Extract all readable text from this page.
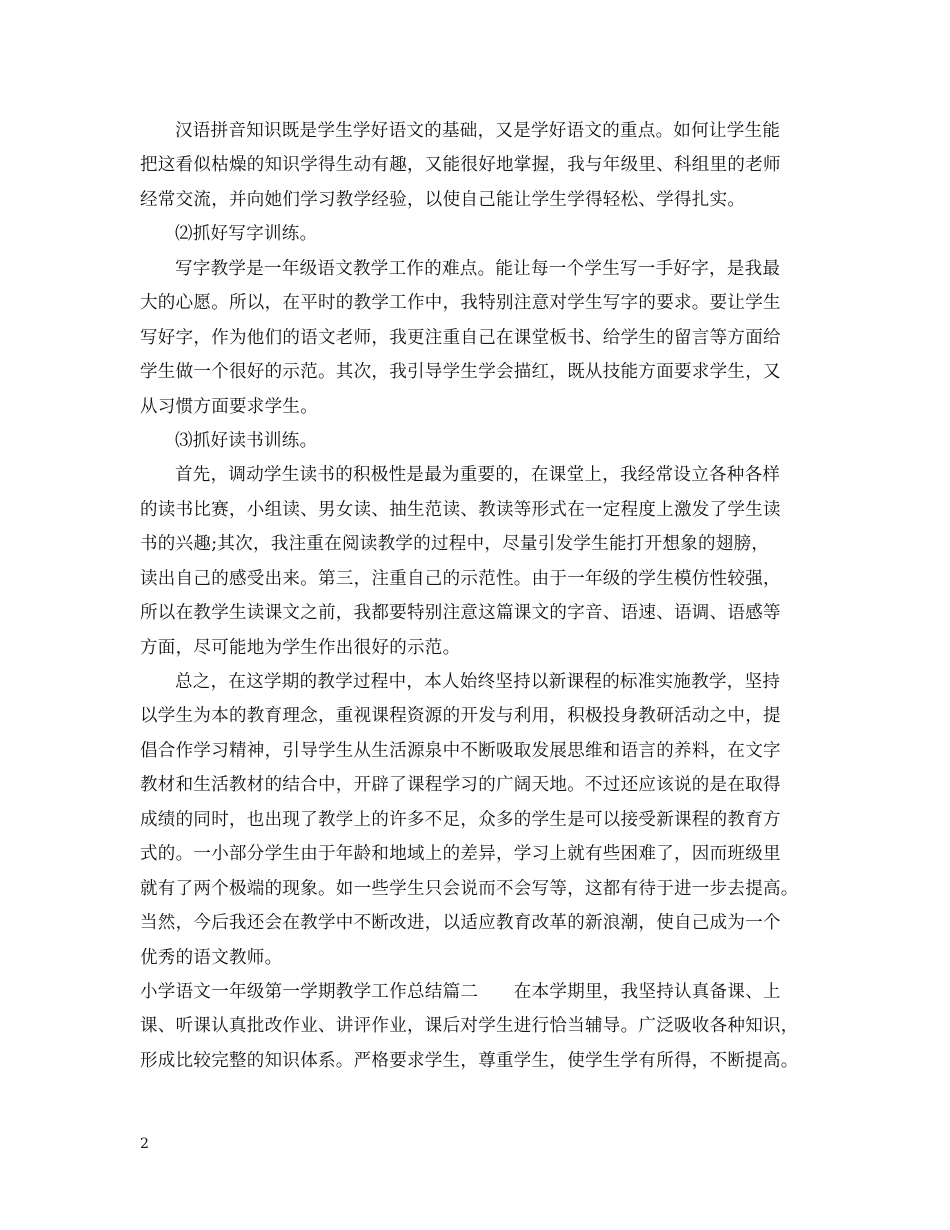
汉语拼音知识既是学生学好语文的基础，又是学好语文的重点。如何让学生能
把这看似枯燥的知识学得生动有趣，又能很好地掌握，我与年级里、科组里的老师
经常交流，并向她们学习教学经验，以使自己能让学生学得轻松、学得扎实。
⑵抓好写字训练。
写字教学是一年级语文教学工作的难点。能让每一个学生写一手好字，是我最
大的心愿。所以，在平时的教学工作中，我特别注意对学生写字的要求。要让学生
写好字，作为他们的语文老师，我更注重自己在课堂板书、给学生的留言等方面给
学生做一个很好的示范。其次，我引导学生学会描红，既从技能方面要求学生，又
从习惯方面要求学生。
⑶抓好读书训练。
首先，调动学生读书的积极性是最为重要的，在课堂上，我经常设立各种各样
的读书比赛，小组读、男女读、抽生范读、教读等形式在一定程度上激发了学生读
书的兴趣;其次，我注重在阅读教学的过程中，尽量引发学生能打开想象的翅膀，
读出自己的感受出来。第三，注重自己的示范性。由于一年级的学生模仿性较强，
所以在教学生读课文之前，我都要特别注意这篇课文的字音、语速、语调、语感等
方面，尽可能地为学生作出很好的示范。
总之，在这学期的教学过程中，本人始终坚持以新课程的标准实施教学，坚持
以学生为本的教育理念，重视课程资源的开发与利用，积极投身教研活动之中，提
倡合作学习精神，引导学生从生活源泉中不断吸取发展思维和语言的养料，在文字
教材和生活教材的结合中，开辟了课程学习的广阔天地。不过还应该说的是在取得
成绩的同时，也出现了教学上的许多不足，众多的学生是可以接受新课程的教育方
式的。一小部分学生由于年龄和地域上的差异，学习上就有些困难了，因而班级里
就有了两个极端的现象。如一些学生只会说而不会写等，这都有待于进一步去提高。
当然，今后我还会在教学中不断改进，以适应教育改革的新浪潮，使自己成为一个
优秀的语文教师。
小学语文一年级第一学期教学工作总结篇二　　在本学期里，我坚持认真备课、上
课、听课认真批改作业、讲评作业，课后对学生进行恰当辅导。广泛吸收各种知识，
形成比较完整的知识体系。严格要求学生，尊重学生，使学生学有所得，不断提高。
2
